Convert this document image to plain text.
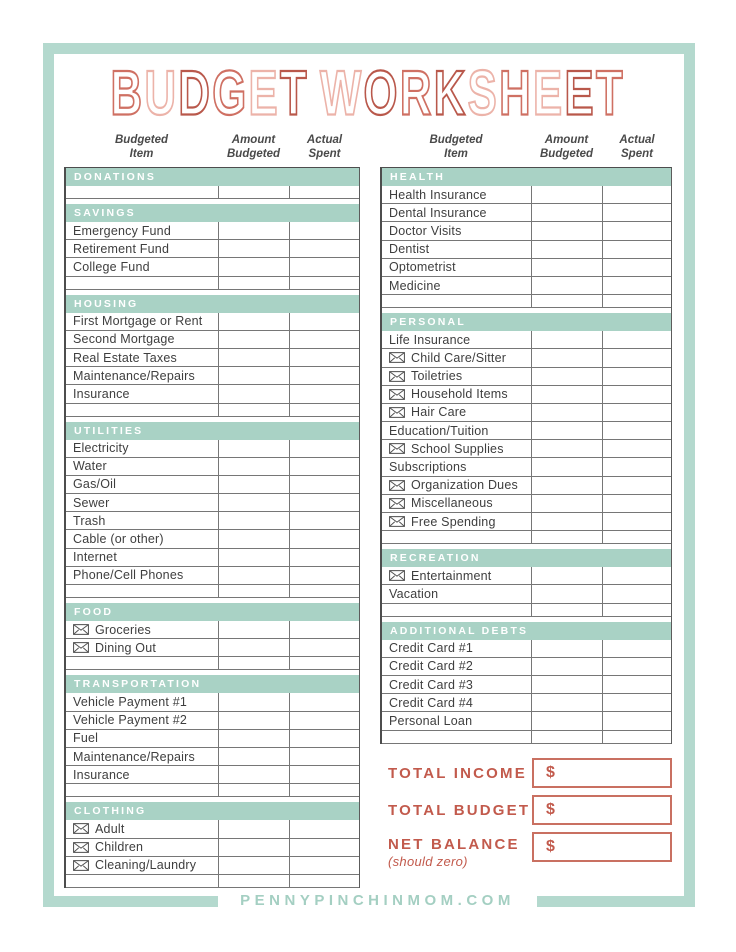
BUDGET WORKSHEET
Budgeted
Item
Amount
Budgeted
Actual
Spent
Budgeted
Item
Amount
Budgeted
Actual
Spent
DONATIONS
SAVINGS
Emergency Fund
Retirement Fund
College Fund
HOUSING
First Mortgage or Rent
Second Mortgage
Real Estate Taxes
Maintenance/Repairs
Insurance
UTILITIES
Electricity
Water
Gas/Oil
Sewer
Trash
Cable (or other)
Internet
Phone/Cell Phones
FOOD
Groceries
Dining Out
TRANSPORTATION
Vehicle Payment #1
Vehicle Payment #2
Fuel
Maintenance/Repairs
Insurance
CLOTHING
Adult
Children
Cleaning/Laundry
HEALTH
Health Insurance
Dental Insurance
Doctor Visits
Dentist
Optometrist
Medicine
PERSONAL
Life Insurance
Child Care/Sitter
Toiletries
Household Items
Hair Care
Education/Tuition
School Supplies
Subscriptions
Organization Dues
Miscellaneous
Free Spending
RECREATION
Entertainment
Vacation
ADDITIONAL DEBTS
Credit Card #1
Credit Card #2
Credit Card #3
Credit Card #4
Personal Loan
TOTAL INCOME	$
TOTAL BUDGET $
NET BALANCE
(should zero)
$
PENNYPINCHINMOM.COM
